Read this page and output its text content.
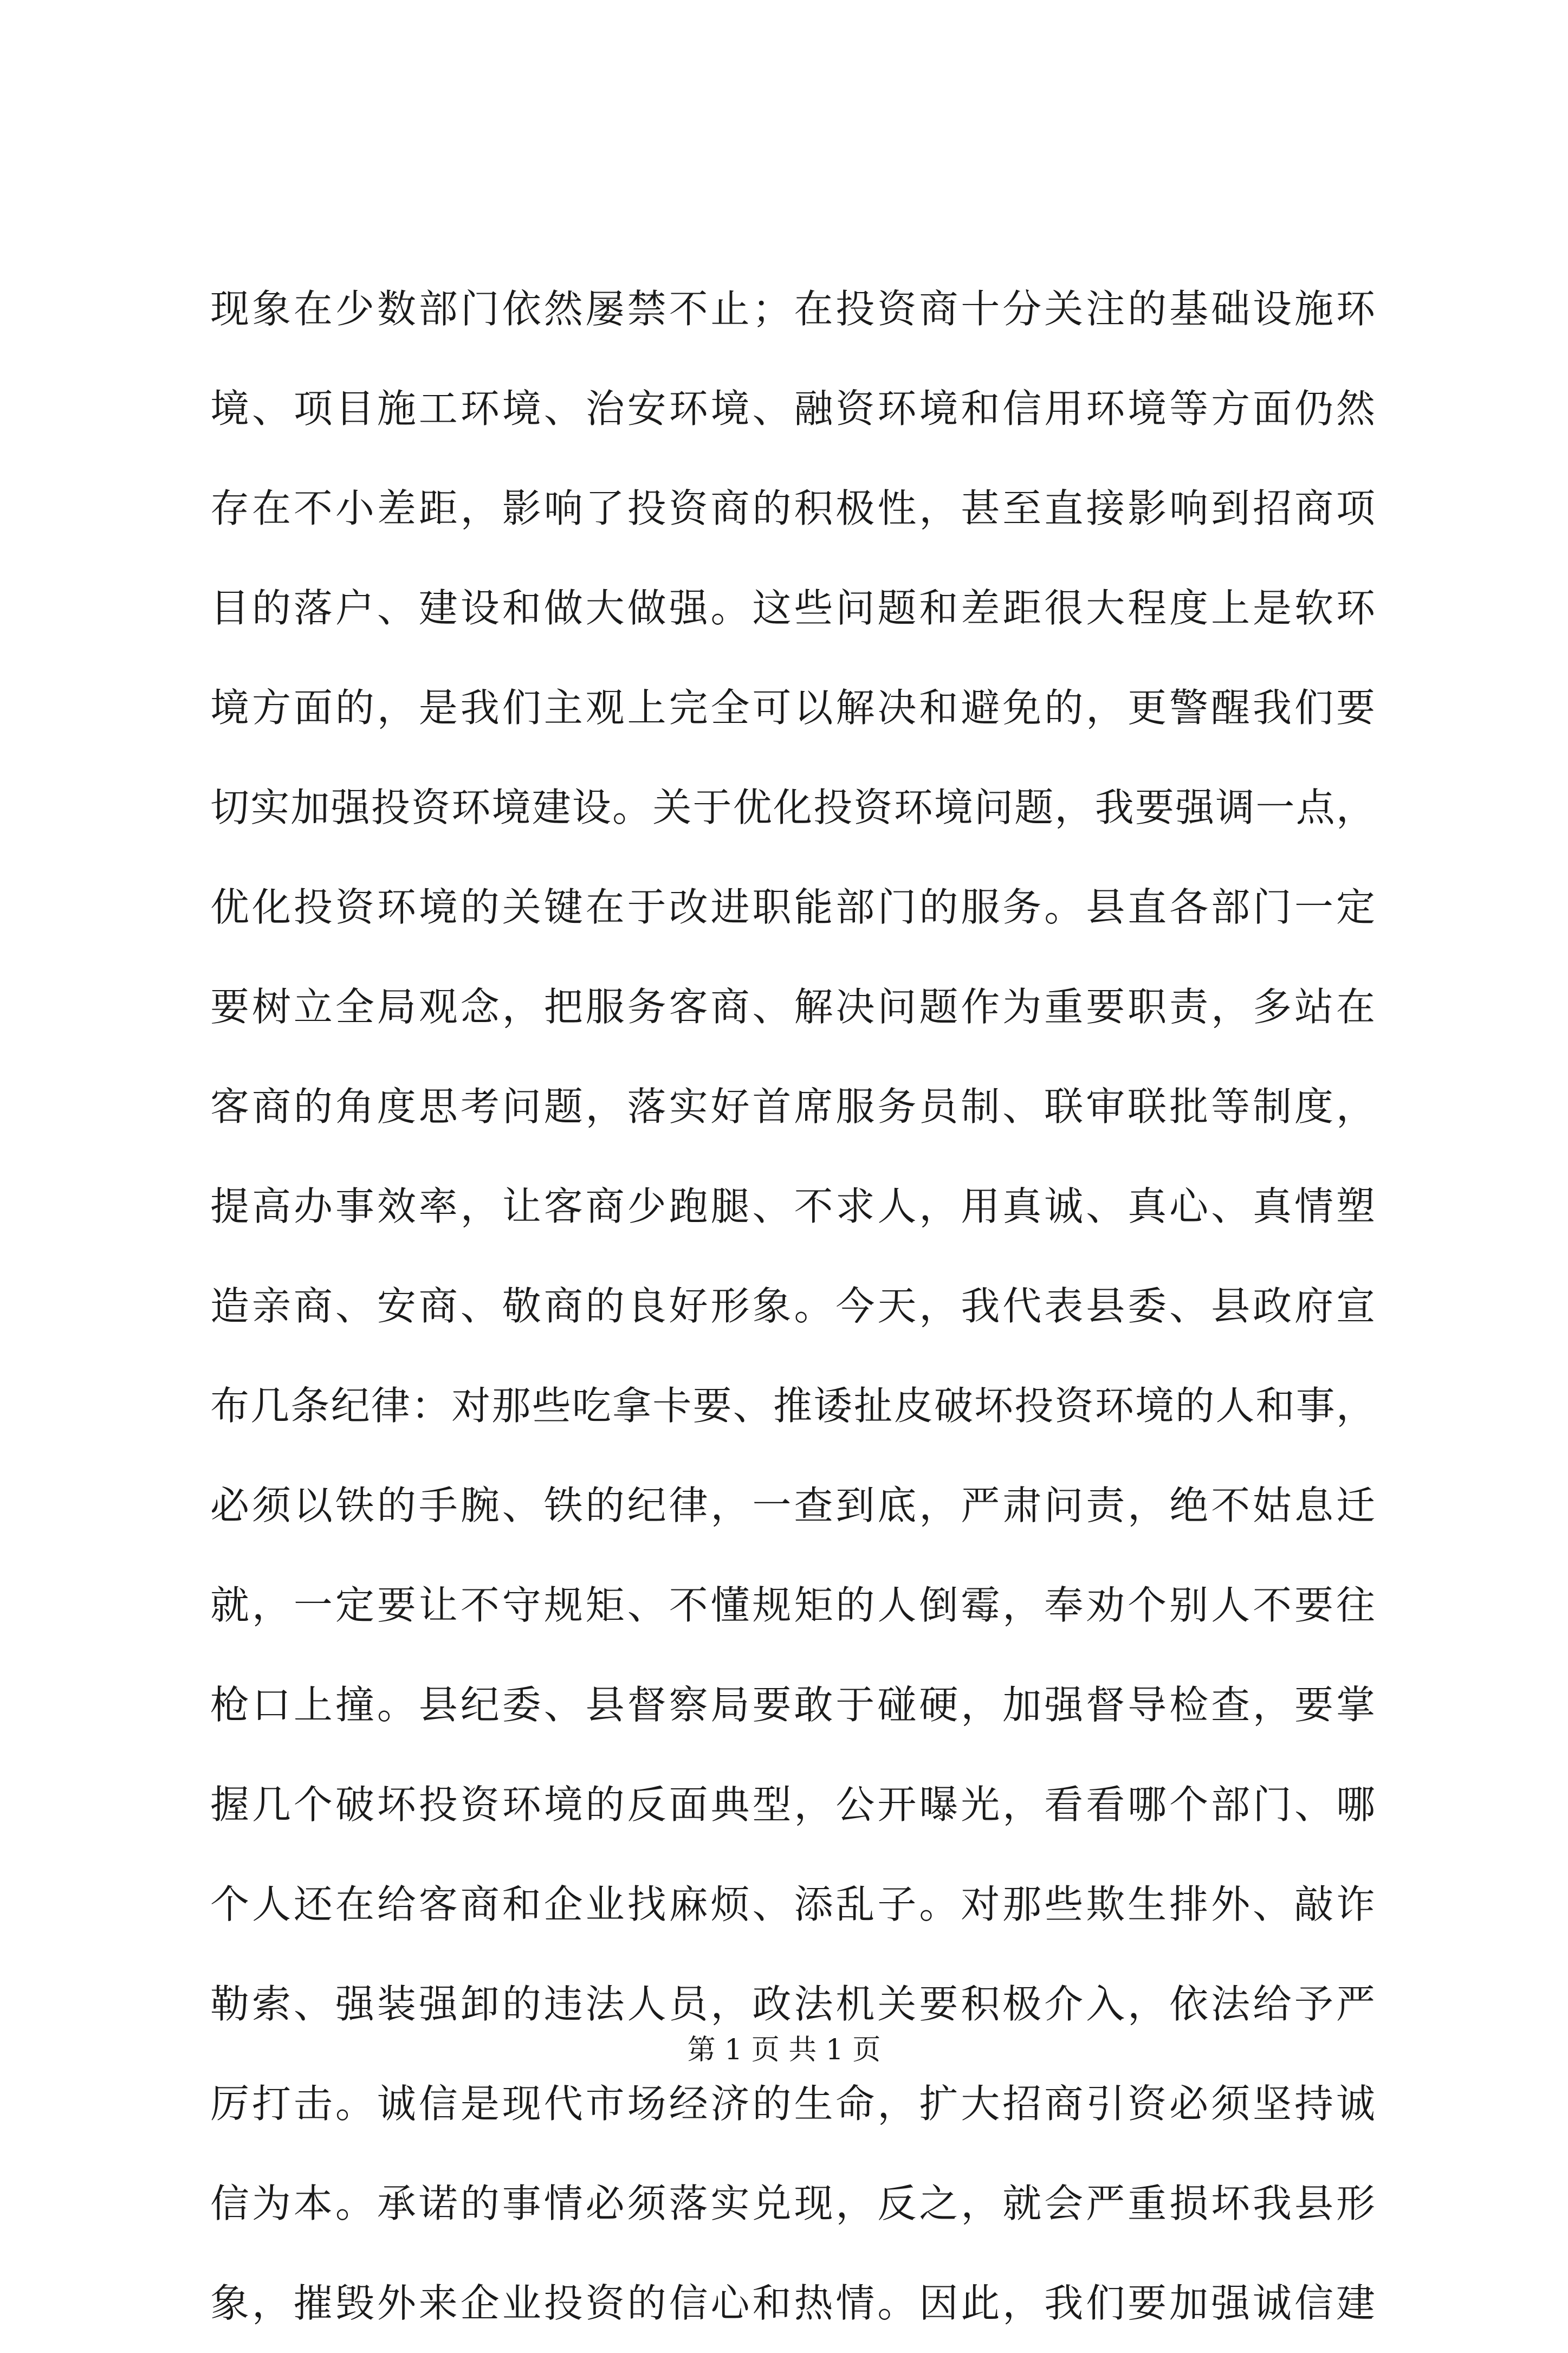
现象在少数部门依然屡禁不止；在投资商十分关注的基础设施环
境、项目施工环境、治安环境、融资环境和信用环境等方面仍然
存在不小差距，影响了投资商的积极性，甚至直接影响到招商项
目的落户、建设和做大做强。这些问题和差距很大程度上是软环
境方面的，是我们主观上完全可以解决和避免的，更警醒我们要
切实加强投资环境建设。关于优化投资环境问题，我要强调一点，
优化投资环境的关键在于改进职能部门的服务。县直各部门一定
要树立全局观念，把服务客商、解决问题作为重要职责，多站在
客商的角度思考问题，落实好首席服务员制、联审联批等制度，
提高办事效率，让客商少跑腿、不求人，用真诚、真心、真情塑
造亲商、安商、敬商的良好形象。今天，我代表县委、县政府宣
布几条纪律：对那些吃拿卡要、推诿扯皮破坏投资环境的人和事，
必须以铁的手腕、铁的纪律，一查到底，严肃问责，绝不姑息迁
就，一定要让不守规矩、不懂规矩的人倒霉，奉劝个别人不要往
枪口上撞。县纪委、县督察局要敢于碰硬，加强督导检查，要掌
握几个破坏投资环境的反面典型，公开曝光，看看哪个部门、哪
个人还在给客商和企业找麻烦、添乱子。对那些欺生排外、敲诈
勒索、强装强卸的违法人员，政法机关要积极介入，依法给予严
厉打击。诚信是现代市场经济的生命，扩大招商引资必须坚持诚
信为本。承诺的事情必须落实兑现，反之，就会严重损坏我县形
象，摧毁外来企业投资的信心和热情。因此，我们要加强诚信建
第 1 页 共 1 页
